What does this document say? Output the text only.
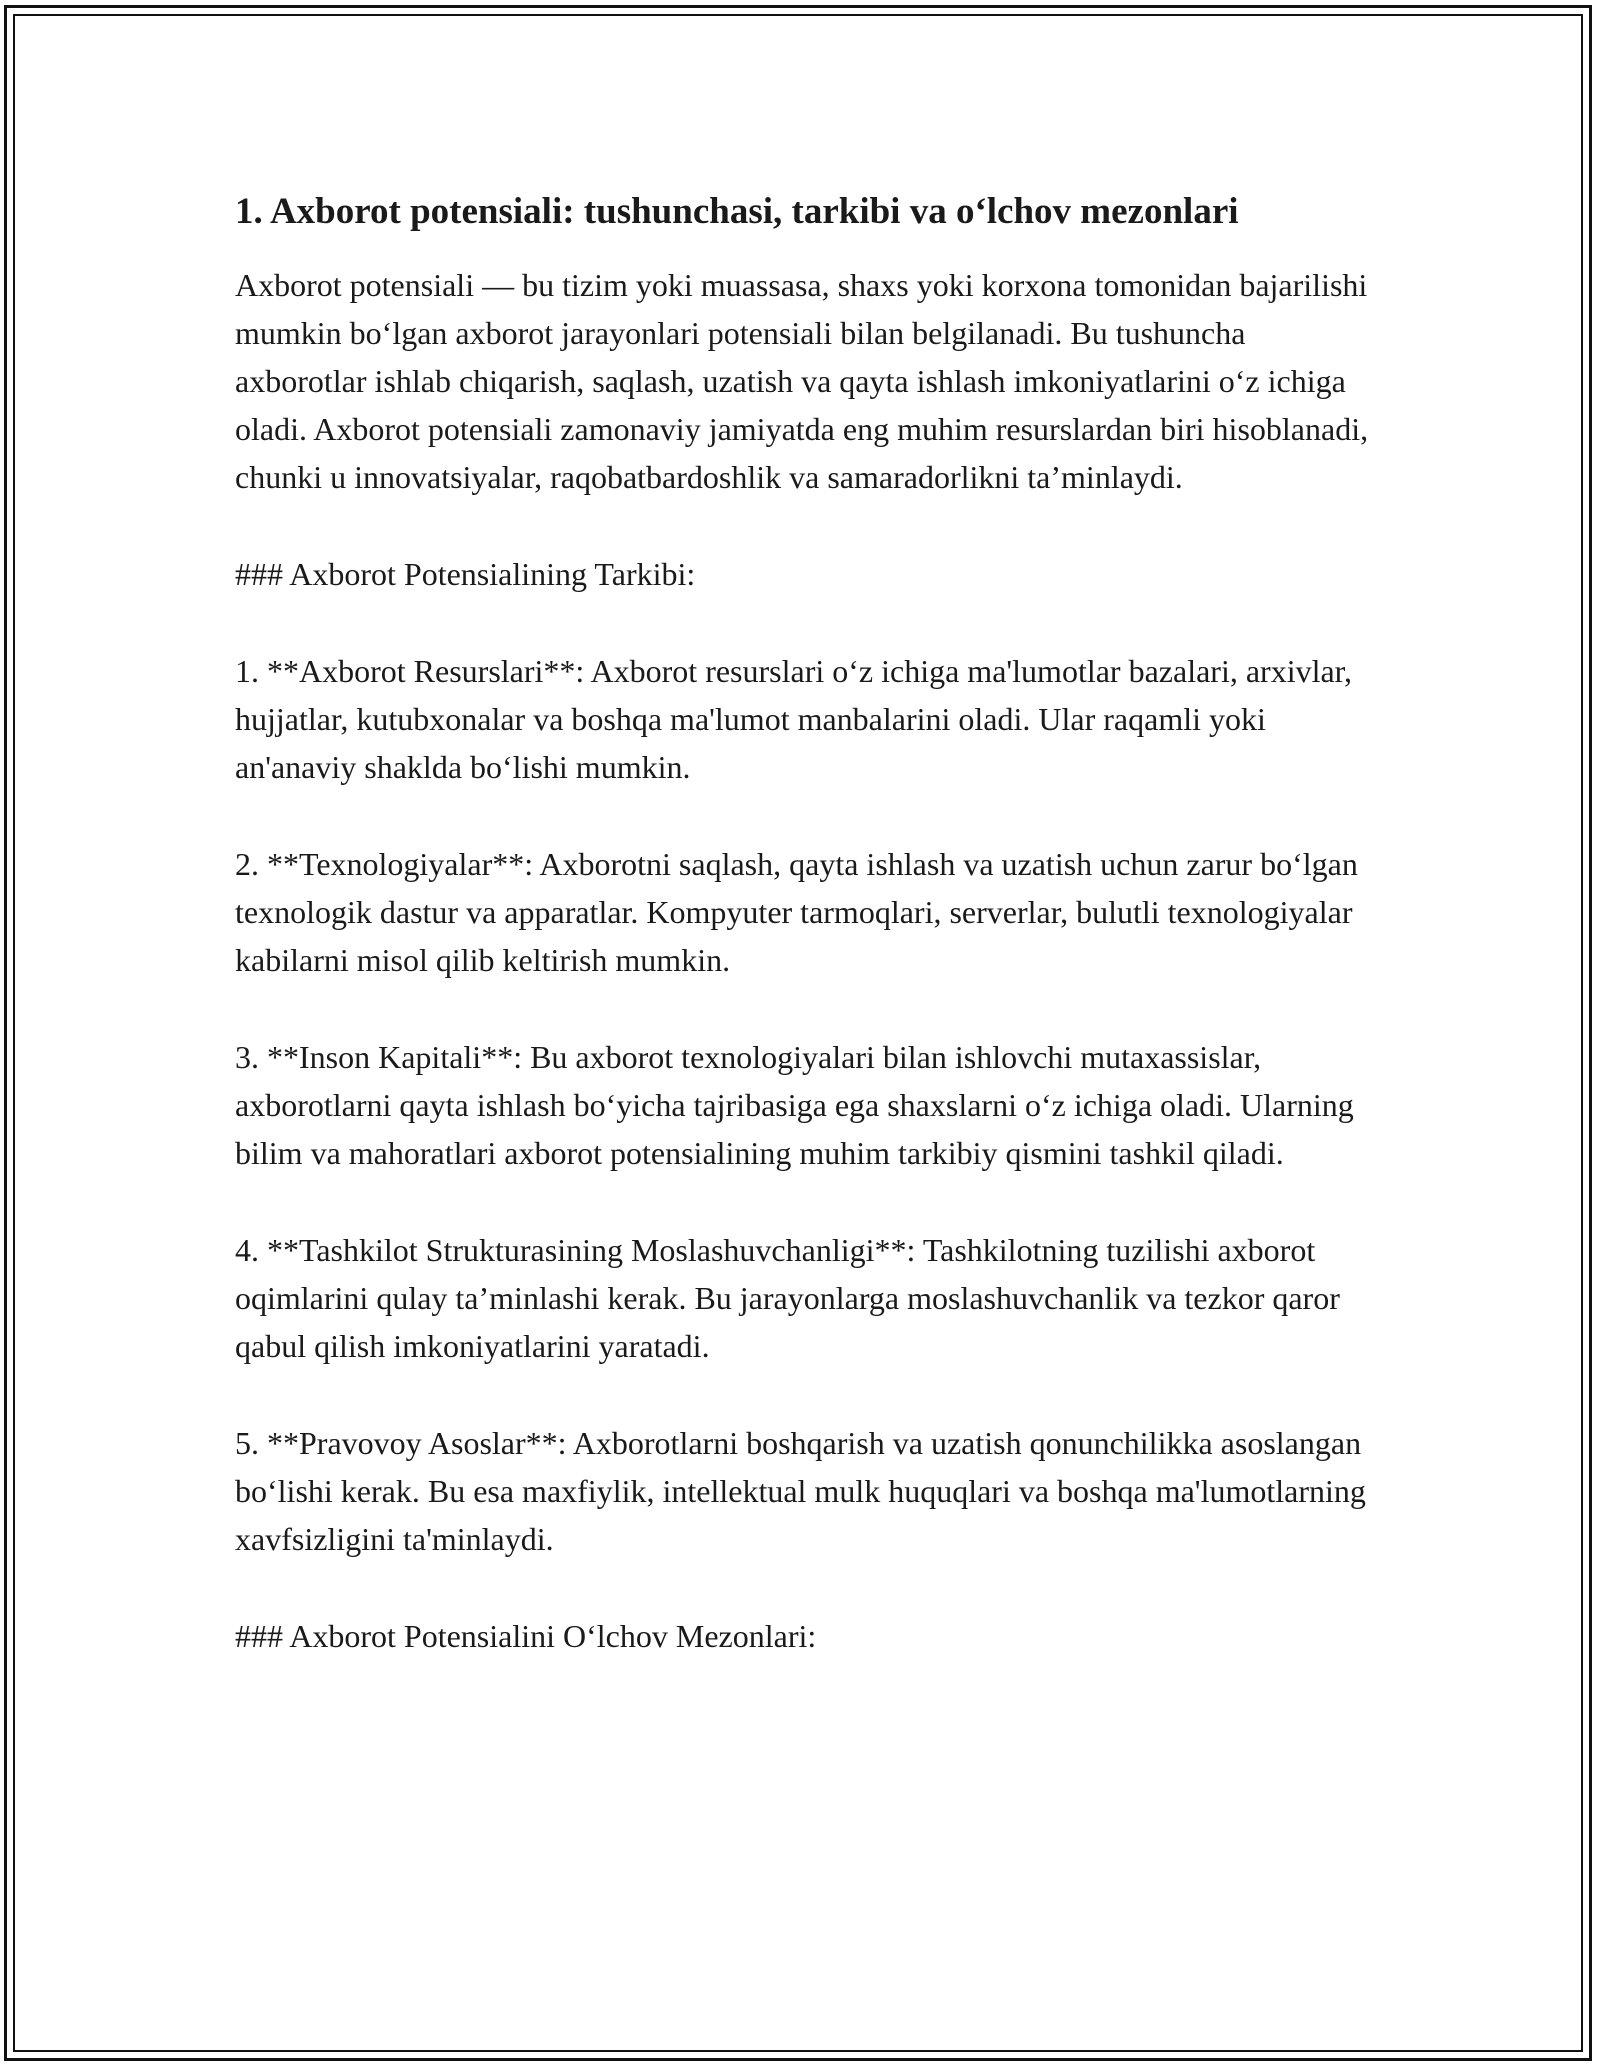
1. Axborot potensiali: tushunchasi, tarkibi va o‘lchov mezonlari

Axborot potensiali — bu tizim yoki muassasa, shaxs yoki korxona tomonidan bajarilishi mumkin bo‘lgan axborot jarayonlari potensiali bilan belgilanadi. Bu tushuncha axborotlar ishlab chiqarish, saqlash, uzatish va qayta ishlash imkoniyatlarini o‘z ichiga oladi. Axborot potensiali zamonaviy jamiyatda eng muhim resurslardan biri hisoblanadi, chunki u innovatsiyalar, raqobatbardoshlik va samaradorlikni ta’minlaydi.

### Axborot Potensialining Tarkibi:

1. **Axborot Resurslari**: Axborot resurslari o‘z ichiga ma'lumotlar bazalari, arxivlar, hujjatlar, kutubxonalar va boshqa ma'lumot manbalarini oladi. Ular raqamli yoki an'anaviy shaklda bo‘lishi mumkin.

2. **Texnologiyalar**: Axborotni saqlash, qayta ishlash va uzatish uchun zarur bo‘lgan texnologik dastur va apparatlar. Kompyuter tarmoqlari, serverlar, bulutli texnologiyalar kabilarni misol qilib keltirish mumkin.

3. **Inson Kapitali**: Bu axborot texnologiyalari bilan ishlovchi mutaxassislar, axborotlarni qayta ishlash bo‘yicha tajribasiga ega shaxslarni o‘z ichiga oladi. Ularning bilim va mahoratlari axborot potensialining muhim tarkibiy qismini tashkil qiladi.

4. **Tashkilot Strukturasining Moslashuvchanligi**: Tashkilotning tuzilishi axborot oqimlarini qulay ta’minlashi kerak. Bu jarayonlarga moslashuvchanlik va tezkor qaror qabul qilish imkoniyatlarini yaratadi.

5. **Pravovoy Asoslar**: Axborotlarni boshqarish va uzatish qonunchilikka asoslangan bo‘lishi kerak. Bu esa maxfiylik, intellektual mulk huquqlari va boshqa ma'lumotlarning xavfsizligini ta'minlaydi.

### Axborot Potensialini O‘lchov Mezonlari:
